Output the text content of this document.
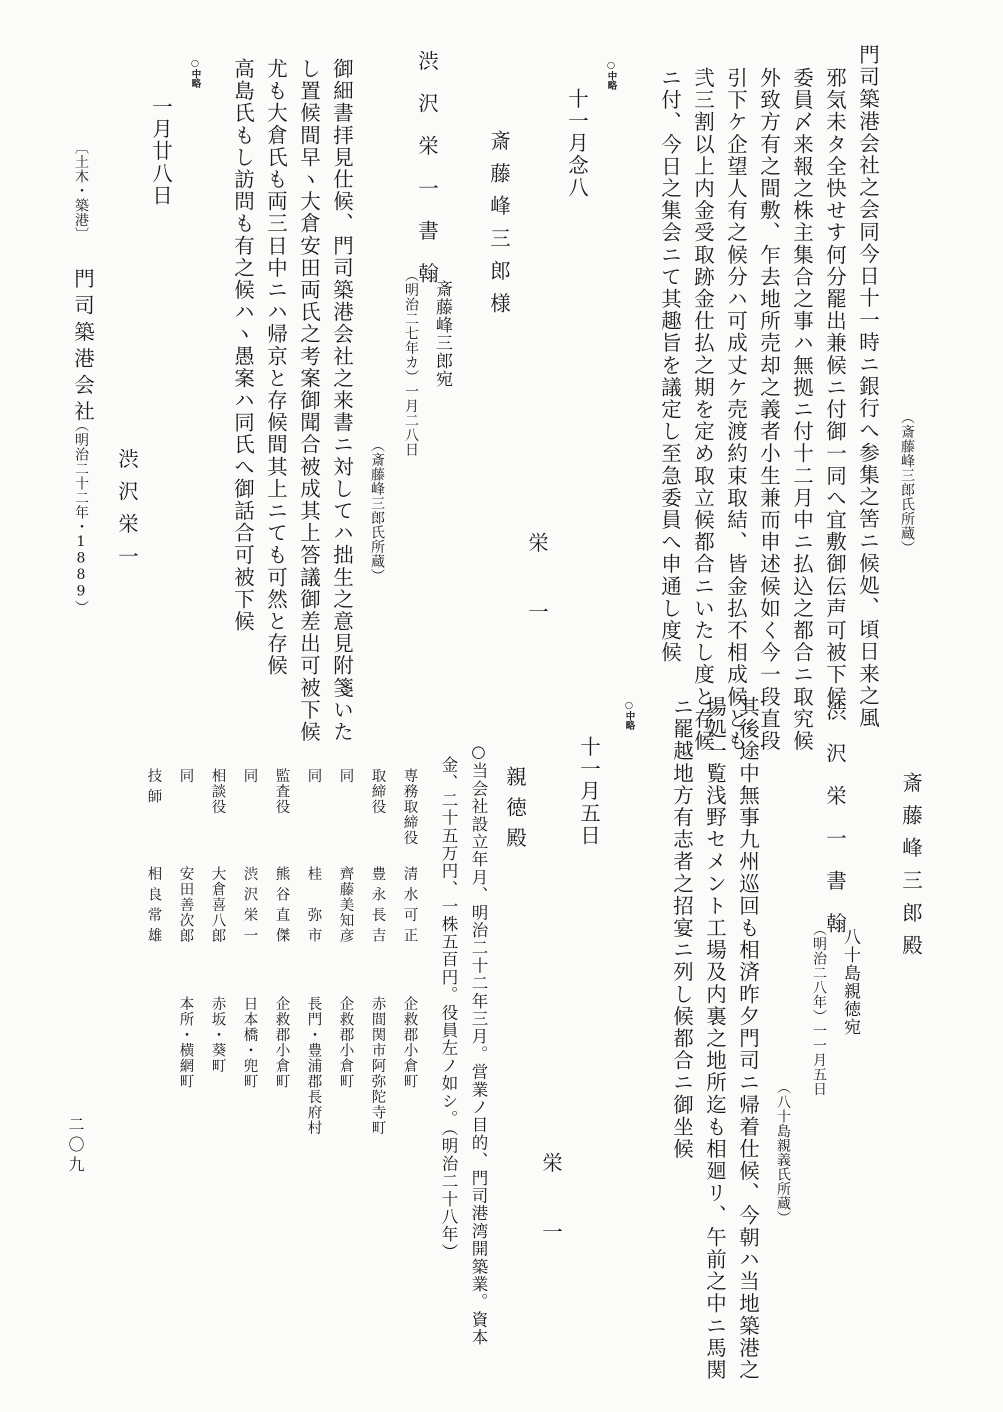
（斎藤峰三郎氏所蔵）
門司築港会社之会同今日十一時ニ銀行へ参集之筈ニ候処、頃日来之風
邪気未タ全快せす何分罷出兼候ニ付御一同へ宜敷御伝声可被下候
委員〆来報之株主集合之事ハ無拠ニ付十二月中ニ払込之都合ニ取究候
外致方有之間敷、乍去地所売却之義者小生兼而申述候如く今一段直段
引下ケ企望人有之候分ハ可成丈ケ売渡約束取結、皆金払不相成候とも
弐三割以上内金受取跡金仕払之期を定め取立候都合ニいたし度と存候
ニ付、今日之集会ニて其趣旨を議定し至急委員へ申通し度候
○中略
十一月念八
栄　一
斎藤峰三郎様
渋沢栄一書翰
斎藤峰三郎宛
（明治二七年カ）一月二八日
（斎藤峰三郎氏所蔵）
御細書拝見仕候、門司築港会社之来書ニ対してハ拙生之意見附箋いた
し置候間早ヽ大倉安田両氏之考案御聞合被成其上答議御差出可被下候
尤も大倉氏も両三日中ニハ帰京と存候間其上ニても可然と存候
高島氏もし訪問も有之候ハヽ愚案ハ同氏へ御話合可被下候
○中略
一月廿八日
渋沢栄一
〔土木・築港〕
門司築港会社
（明治二十二年・1889）
斎藤峰三郎殿
渋沢栄一書翰
八十島親徳宛
（明治二八年）一一月五日
（八十島親義氏所蔵）
其後途中無事九州巡回も相済昨夕門司ニ帰着仕候、今朝ハ当地築港之
場処一覧浅野セメント工場及内裏之地所迄も相廻リ、午前之中ニ馬関
ニ罷越地方有志者之招宴ニ列し候都合ニ御坐候
○中略
十一月五日
栄　一
親徳殿
○当会社設立年月、明治二十二年三月。営業ノ目的、門司港湾開築業。資本
金、二十五万円、一株五百円。役員左ノ如シ。（明治二十八年）
専務取締役
清水可正
企救郡小倉町
取締役
豊永長吉
赤間関市阿弥陀寺町
同
齊藤美知彦
企救郡小倉町
同
桂　弥市
長門・豊浦郡長府村
監査役
熊谷直傑
企救郡小倉町
同
渋沢栄一
日本橋・兜町
相談役
大倉喜八郎
赤坂・葵町
同
安田善次郎
本所・横網町
技師
相良常雄
二〇九
